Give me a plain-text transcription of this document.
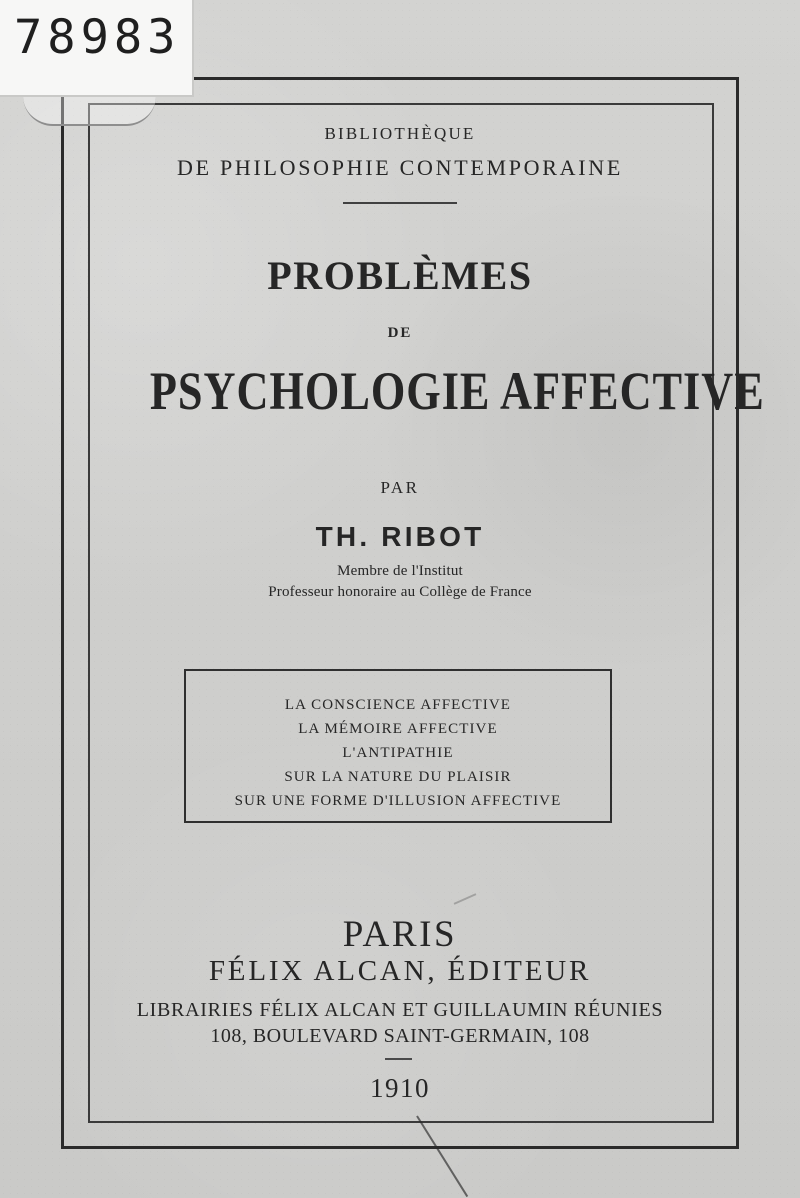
78983
BIBLIOTHÈQUE
DE PHILOSOPHIE CONTEMPORAINE
PROBLÈMES
DE
PSYCHOLOGIE AFFECTIVE
PAR
TH. RIBOT
Membre de l'Institut
Professeur honoraire au Collège de France
LA CONSCIENCE AFFECTIVE
LA MÉMOIRE AFFECTIVE
L'ANTIPATHIE
SUR LA NATURE DU PLAISIR
SUR UNE FORME D'ILLUSION AFFECTIVE
PARIS
FÉLIX ALCAN, ÉDITEUR
LIBRAIRIES FÉLIX ALCAN ET GUILLAUMIN RÉUNIES
108, BOULEVARD SAINT-GERMAIN, 108
1910
